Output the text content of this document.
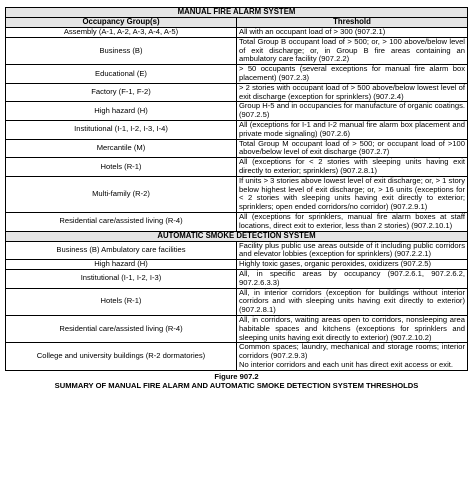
MANUAL FIRE ALARM SYSTEM	
Occupancy Group(s)	Threshold
Assembly (A-1, A-2, A-3, A-4, A-5)	All with an occupant load of > 300 (907.2.1)

Business (B)	Total Group B occupant load of > 500; or, > 100 above/below level of exit discharge; or, in Group B fire areas containing an ambulatory care facility (907.2.2)

Educational (E)	> 50 occupants (several exceptions for manual fire alarm box placement) (907.2.3)

Factory (F-1, F-2)	> 2 stories with occupant load of > 500 above/below lowest level of exit discharge (exception for sprinklers) (907.2.4)

High hazard (H)	Group H-5 and in occupancies for manufacture of organic coatings. (907.2.5)

Institutional (I-1, I-2, I-3, I-4)	All (exceptions for I-1 and I-2 manual fire alarm box placement and private mode signaling) (907.2.6)

Mercantile (M)	Total Group M occupant load of > 500; or occupant load of >100 above/below level of exit discharge (907.2.7)

Hotels (R-1)	All (exceptions for < 2 stories with sleeping units having exit directly to exterior; sprinklers) (907.2.8.1)

Multi-family (R-2)	If units > 3 stories above lowest level of exit discharge; or, > 1 story below highest level of exit discharge; or, > 16 units (exceptions for < 2 stories with sleeping units having exit directly to exterior; sprinklers; open ended corridors/no corridor) (907.2.9.1)

Residential care/assisted living (R-4)	All (exceptions for sprinklers, manual fire alarm boxes at staff locations, direct exit to exterior, less than 2 stories) (907.2.10.1)

AUTOMATIC SMOKE DETECTION SYSTEM	
Business (B) Ambulatory care facilities	Facility plus public use areas outside of it including public corridors and elevator lobbies (exception for sprinklers) (907.2.2.1)

High hazard (H)	Highly toxic gases, organic peroxides, oxidizers (907.2.5)

Institutional (I-1, I-2, I-3)	All, in specific areas by occupancy (907.2.6.1, 907.2.6.2, 907.2.6.3.3)

Hotels (R-1)	All, in interior corridors (exception for buildings without interior corridors and with sleeping units having exit directly to exterior) (907.2.8.1)

Residential care/assisted living (R-4)	All, in corridors, waiting areas open to corridors, nonsleeping area habitable spaces and kitchens (exceptions for sprinklers and sleeping units having exit directly to exterior) (907.2.10.2)

College and university buildings (R-2 dormatories)	Common spaces; laundry, mechanical and storage rooms; interior corridors (907.2.9.3)
No interior corridors and each unit has direct exit access or exit.
Figure 907.2
SUMMARY OF MANUAL FIRE ALARM AND AUTOMATIC SMOKE DETECTION SYSTEM THRESHOLDS
